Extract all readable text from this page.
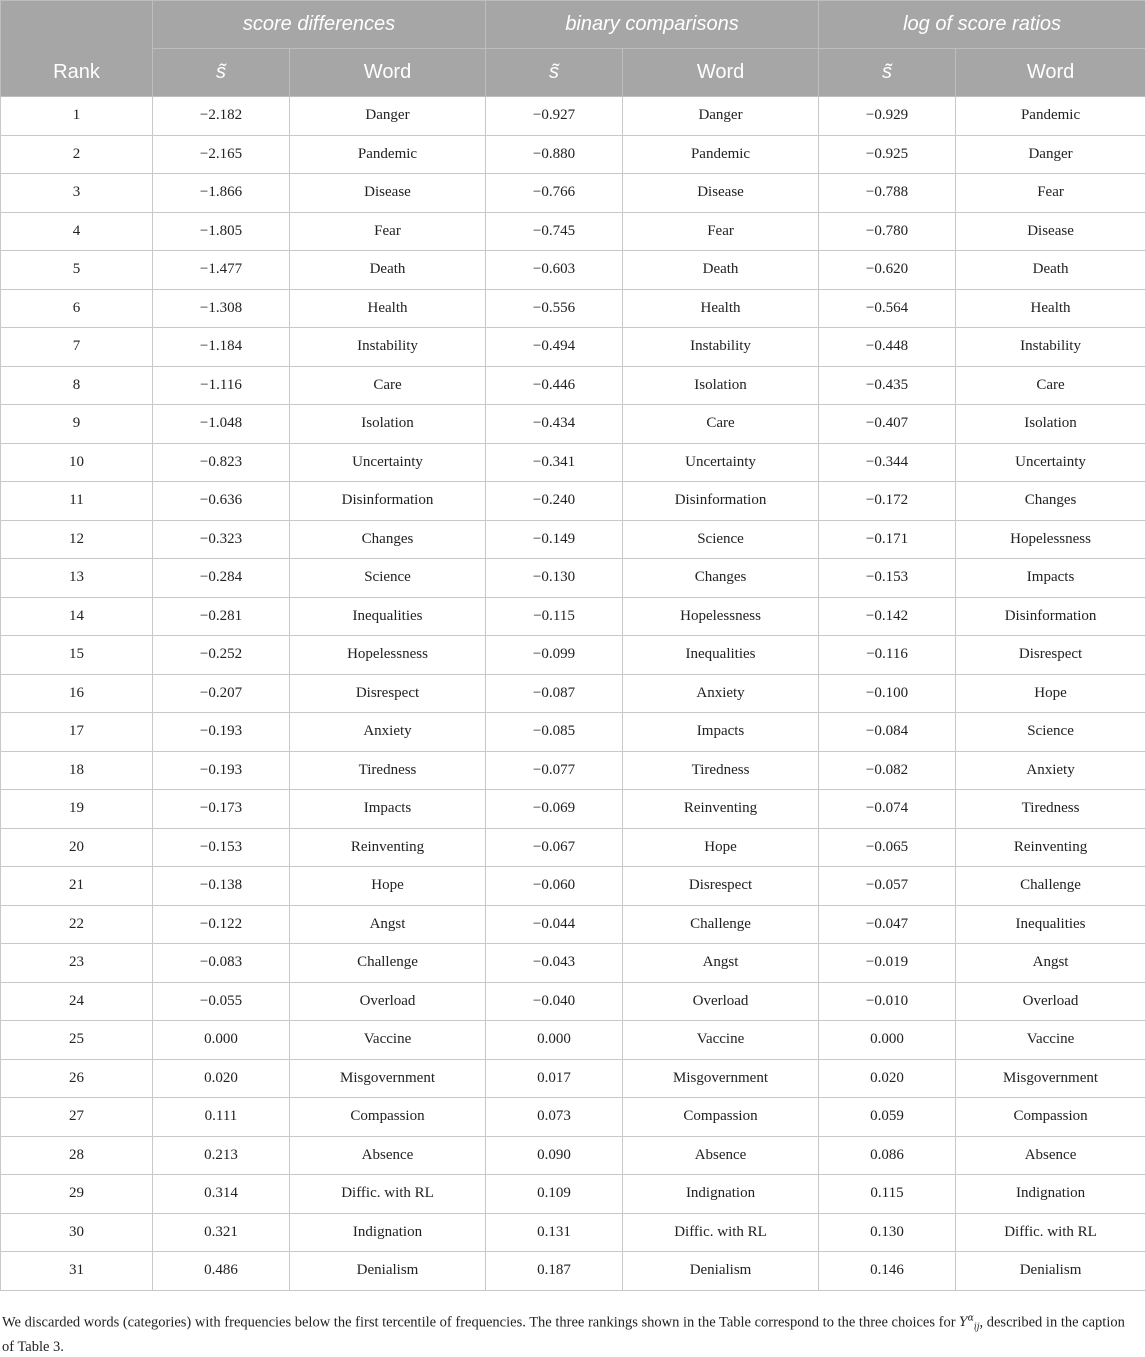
	score differences		binary comparisons		log of score ratios	
Rank	s̃	Word	s̃	Word	s̃	Word
1	−2.182	Danger	−0.927	Danger	−0.929	Pandemic
2	−2.165	Pandemic	−0.880	Pandemic	−0.925	Danger
3	−1.866	Disease	−0.766	Disease	−0.788	Fear
4	−1.805	Fear	−0.745	Fear	−0.780	Disease
5	−1.477	Death	−0.603	Death	−0.620	Death
6	−1.308	Health	−0.556	Health	−0.564	Health
7	−1.184	Instability	−0.494	Instability	−0.448	Instability
8	−1.116	Care	−0.446	Isolation	−0.435	Care
9	−1.048	Isolation	−0.434	Care	−0.407	Isolation
10	−0.823	Uncertainty	−0.341	Uncertainty	−0.344	Uncertainty
11	−0.636	Disinformation	−0.240	Disinformation	−0.172	Changes
12	−0.323	Changes	−0.149	Science	−0.171	Hopelessness
13	−0.284	Science	−0.130	Changes	−0.153	Impacts
14	−0.281	Inequalities	−0.115	Hopelessness	−0.142	Disinformation
15	−0.252	Hopelessness	−0.099	Inequalities	−0.116	Disrespect
16	−0.207	Disrespect	−0.087	Anxiety	−0.100	Hope
17	−0.193	Anxiety	−0.085	Impacts	−0.084	Science
18	−0.193	Tiredness	−0.077	Tiredness	−0.082	Anxiety
19	−0.173	Impacts	−0.069	Reinventing	−0.074	Tiredness
20	−0.153	Reinventing	−0.067	Hope	−0.065	Reinventing
21	−0.138	Hope	−0.060	Disrespect	−0.057	Challenge
22	−0.122	Angst	−0.044	Challenge	−0.047	Inequalities
23	−0.083	Challenge	−0.043	Angst	−0.019	Angst
24	−0.055	Overload	−0.040	Overload	−0.010	Overload
25	0.000	Vaccine	0.000	Vaccine	0.000	Vaccine
26	0.020	Misgovernment	0.017	Misgovernment	0.020	Misgovernment
27	0.111	Compassion	0.073	Compassion	0.059	Compassion
28	0.213	Absence	0.090	Absence	0.086	Absence
29	0.314	Diffic. with RL	0.109	Indignation	0.115	Indignation
30	0.321	Indignation	0.131	Diffic. with RL	0.130	Diffic. with RL
31	0.486	Denialism	0.187	Denialism	0.146	Denialism

We discarded words (categories) with frequencies below the first tercentile of frequencies. The three rankings shown in the Table correspond to the three choices for $Y^\alpha_{ij}$, described in the caption of Table 3.
